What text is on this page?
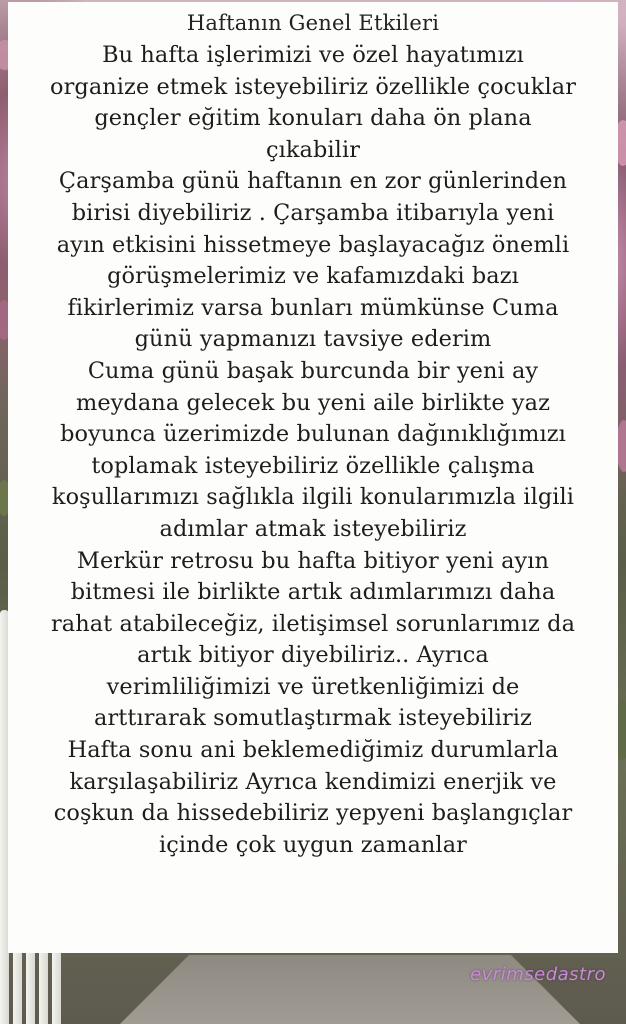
Haftanın Genel Etkileri
Bu hafta işlerimizi ve özel hayatımızı
organize etmek isteyebiliriz özellikle çocuklar
gençler eğitim konuları daha ön plana
çıkabilir
Çarşamba günü haftanın en zor günlerinden
birisi diyebiliriz . Çarşamba itibarıyla yeni
ayın etkisini hissetmeye başlayacağız önemli
görüşmelerimiz ve kafamızdaki bazı
fikirlerimiz varsa bunları mümkünse Cuma
günü yapmanızı tavsiye ederim
Cuma günü başak burcunda bir yeni ay
meydana gelecek bu yeni aile birlikte yaz
boyunca üzerimizde bulunan dağınıklığımızı
toplamak isteyebiliriz özellikle çalışma
koşullarımızı sağlıkla ilgili konularımızla ilgili
adımlar atmak isteyebiliriz
Merkür retrosu bu hafta bitiyor yeni ayın
bitmesi ile birlikte artık adımlarımızı daha
rahat atabileceğiz, iletişimsel sorunlarımız da
artık bitiyor diyebiliriz.. Ayrıca
verimliliğimizi ve üretkenliğimizi de
arttırarak somutlaştırmak isteyebiliriz
Hafta sonu ani beklemediğimiz durumlarla
karşılaşabiliriz Ayrıca kendimizi enerjik ve
coşkun da hissedebiliriz yepyeni başlangıçlar
içinde çok uygun zamanlar
evrimsedastro
